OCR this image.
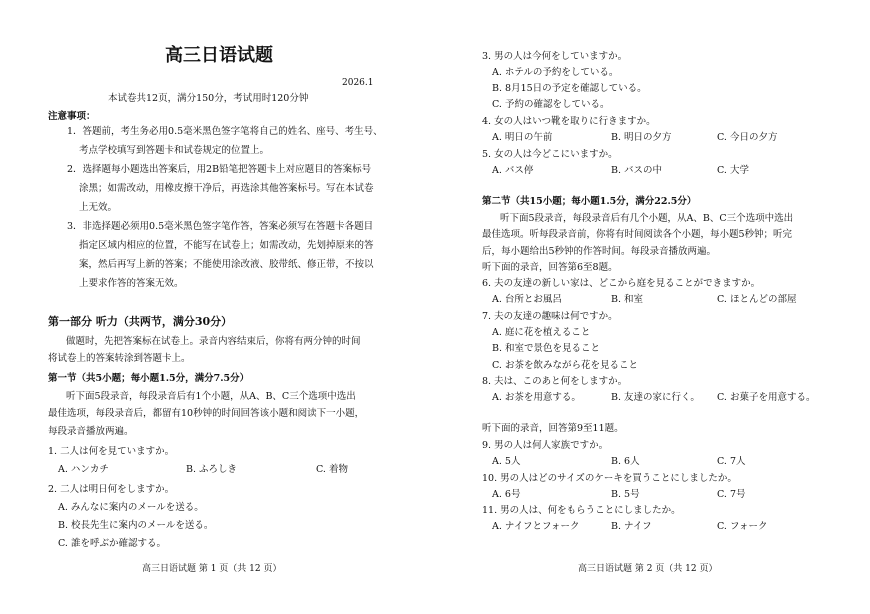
高三日语试题
2026.1
本试卷共12页，满分150分，考试用时120分钟
注意事项：
1．答题前，考生务必用0.5毫米黑色签字笔将自己的姓名、座号、考生号、
考点学校填写到答题卡和试卷规定的位置上。
2．选择题每小题选出答案后，用2B铅笔把答题卡上对应题目的答案标号
涂黑；如需改动，用橡皮擦干净后，再选涂其他答案标号。写在本试卷
上无效。
3．非选择题必须用0.5毫米黑色签字笔作答，答案必须写在答题卡各题目
指定区域内相应的位置，不能写在试卷上；如需改动，先划掉原来的答
案，然后再写上新的答案；不能使用涂改液、胶带纸、修正带，不按以
上要求作答的答案无效。
第一部分 听力（共两节，满分30分）
做题时，先把答案标在试卷上。录音内容结束后，你将有两分钟的时间
将试卷上的答案转涂到答题卡上。
第一节（共5小题；每小题1.5分，满分7.5分）
听下面5段录音，每段录音后有1个小题，从A、B、C三个选项中选出
最佳选项，每段录音后，都留有10秒钟的时间回答该小题和阅读下一小题，
每段录音播放两遍。
1. 二人は何を見ていますか。
A. ハンカチ	B. ふろしき	C. 着物
2. 二人は明日何をしますか。
A. みんなに案内のメールを送る。
B. 校長先生に案内のメールを送る。
C. 誰を呼ぶか確認する。
高三日语试题 第 1 页（共 12 页）
3. 男の人は今何をしていますか。
A. ホテルの予約をしている。
B. 8月15日の予定を確認している。
C. 予約の確認をしている。
4. 女の人はいつ靴を取りに行きますか。
A. 明日の午前	B. 明日の夕方	C. 今日の夕方
5. 女の人は今どこにいますか。
A. バス停	B. バスの中	C. 大学
第二节（共15小题；每小题1.5分，满分22.5分）
听下面5段录音，每段录音后有几个小题，从A、B、C三个选项中选出
最佳选项。听每段录音前，你将有时间阅读各个小题，每小题5秒钟；听完
后，每小题给出5秒钟的作答时间。每段录音播放两遍。
听下面的录音，回答第6至8题。
6. 夫の友達の新しい家は、どこから庭を見ることができますか。
A. 台所とお風呂	B. 和室	C. ほとんどの部屋
7. 夫の友達の趣味は何ですか。
A. 庭に花を植えること
B. 和室で景色を見ること
C. お茶を飲みながら花を見ること
8. 夫は、このあと何をしますか。
A. お茶を用意する。	B. 友達の家に行く。 C. お菓子を用意する。
听下面的录音，回答第9至11题。
9. 男の人は何人家族ですか。
A. 5人	B. 6人	C. 7人
10. 男の人はどのサイズのケーキを買うことにしましたか。
A. 6号	B. 5号	C. 7号
11. 男の人は、何をもらうことにしましたか。
A. ナイフとフォーク	B. ナイフ	C. フォーク
高三日语试题 第 2 页（共 12 页）
